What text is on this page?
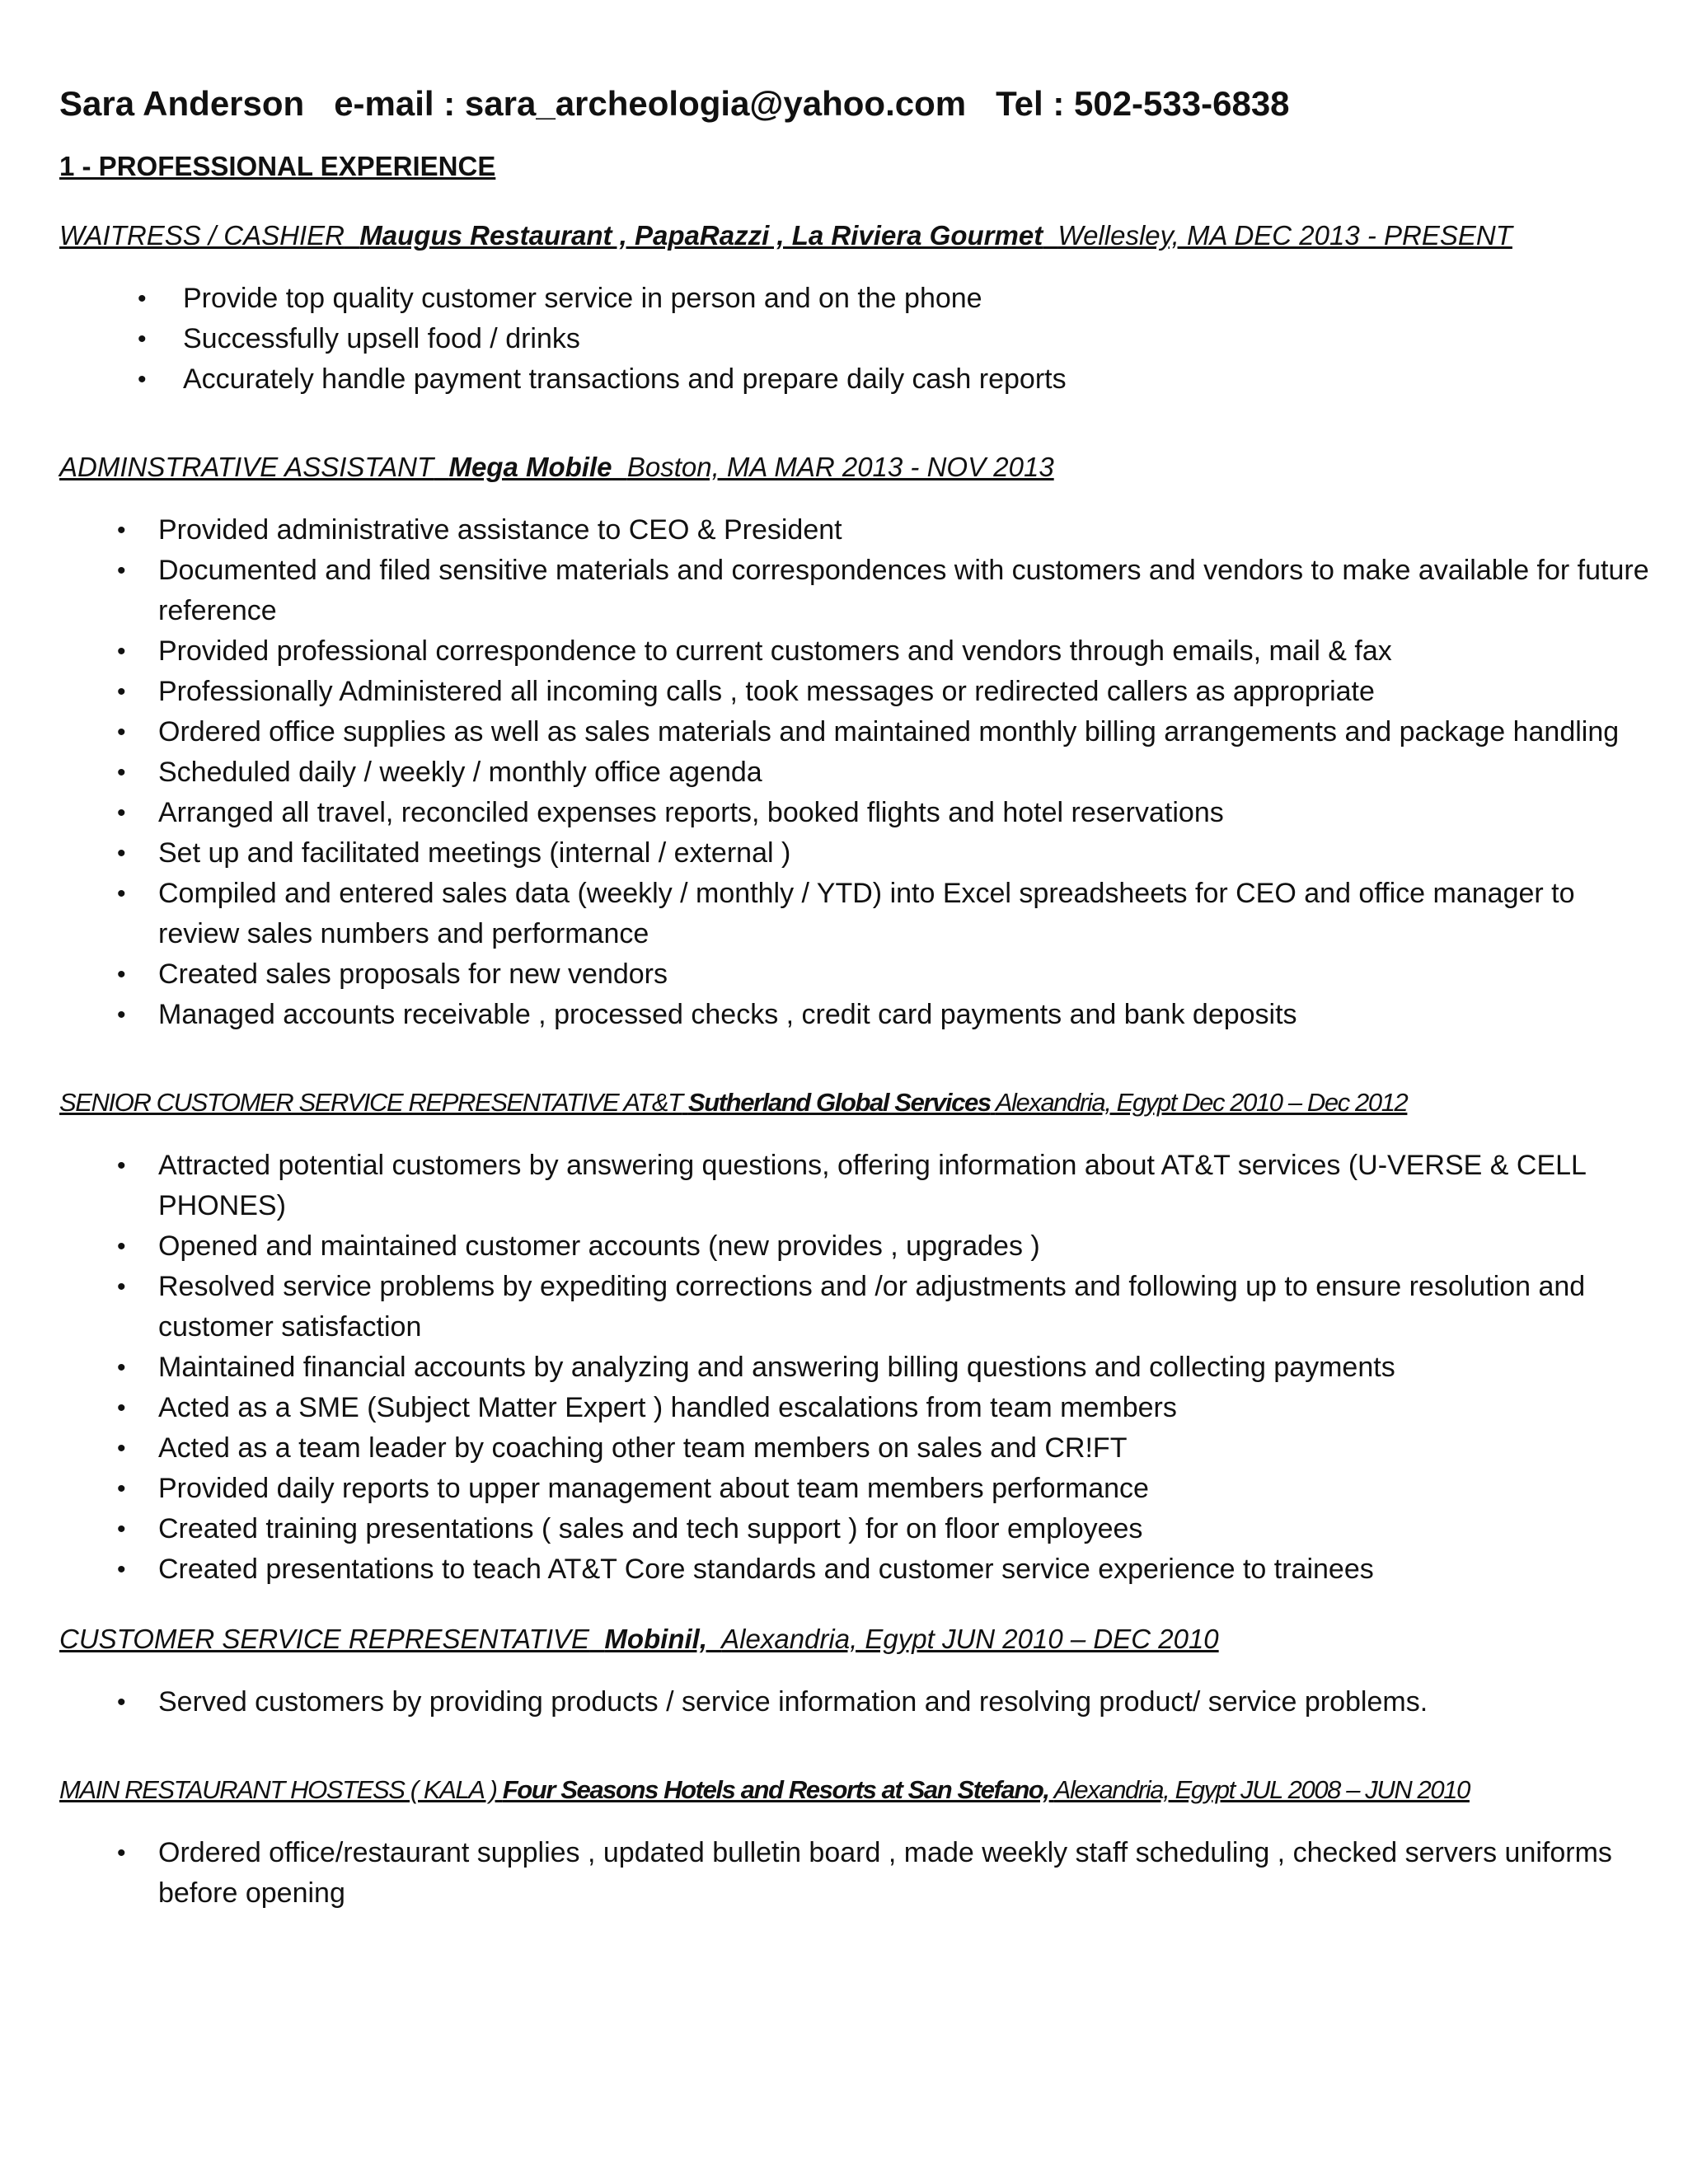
Sara Anderson e-mail : sara_archeologia@yahoo.com Tel : 502-533-6838
1 - PROFESSIONAL EXPERIENCE
WAITRESS / CASHIER Maugus Restaurant , PapaRazzi , La Riviera Gourmet Wellesley, MA DEC 2013 - PRESENT
• Provide top quality customer service in person and on the phone
• Successfully upsell food / drinks
• Accurately handle payment transactions and prepare daily cash reports
ADMINSTRATIVE ASSISTANT Mega Mobile Boston, MA MAR 2013 - NOV 2013
• Provided administrative assistance to CEO & President
• Documented and filed sensitive materials and correspondences with customers and vendors to make available for future reference
• Provided professional correspondence to current customers and vendors through emails, mail & fax
• Professionally Administered all incoming calls , took messages or redirected callers as appropriate
• Ordered office supplies as well as sales materials and maintained monthly billing arrangements and package handling
• Scheduled daily / weekly / monthly office agenda
• Arranged all travel, reconciled expenses reports, booked flights and hotel reservations
• Set up and facilitated meetings (internal / external )
• Compiled and entered sales data (weekly / monthly / YTD) into Excel spreadsheets for CEO and office manager to review sales numbers and performance
• Created sales proposals for new vendors
• Managed accounts receivable , processed checks , credit card payments and bank deposits
SENIOR CUSTOMER SERVICE REPRESENTATIVE AT&T Sutherland Global Services Alexandria, Egypt Dec 2010 – Dec 2012
• Attracted potential customers by answering questions, offering information about AT&T services (U-VERSE & CELL PHONES)
• Opened and maintained customer accounts (new provides , upgrades )
• Resolved service problems by expediting corrections and /or adjustments and following up to ensure resolution and customer satisfaction
• Maintained financial accounts by analyzing and answering billing questions and collecting payments
• Acted as a SME (Subject Matter Expert ) handled escalations from team members
• Acted as a team leader by coaching other team members on sales and CR!FT
• Provided daily reports to upper management about team members performance
• Created training presentations ( sales and tech support ) for on floor employees
• Created presentations to teach AT&T Core standards and customer service experience to trainees
CUSTOMER SERVICE REPRESENTATIVE Mobinil, Alexandria, Egypt JUN 2010 – DEC 2010
• Served customers by providing products / service information and resolving product/ service problems.
MAIN RESTAURANT HOSTESS ( KALA ) Four Seasons Hotels and Resorts at San Stefano, Alexandria, Egypt JUL 2008 – JUN 2010
• Ordered office/restaurant supplies , updated bulletin board , made weekly staff scheduling , checked servers uniforms before opening
